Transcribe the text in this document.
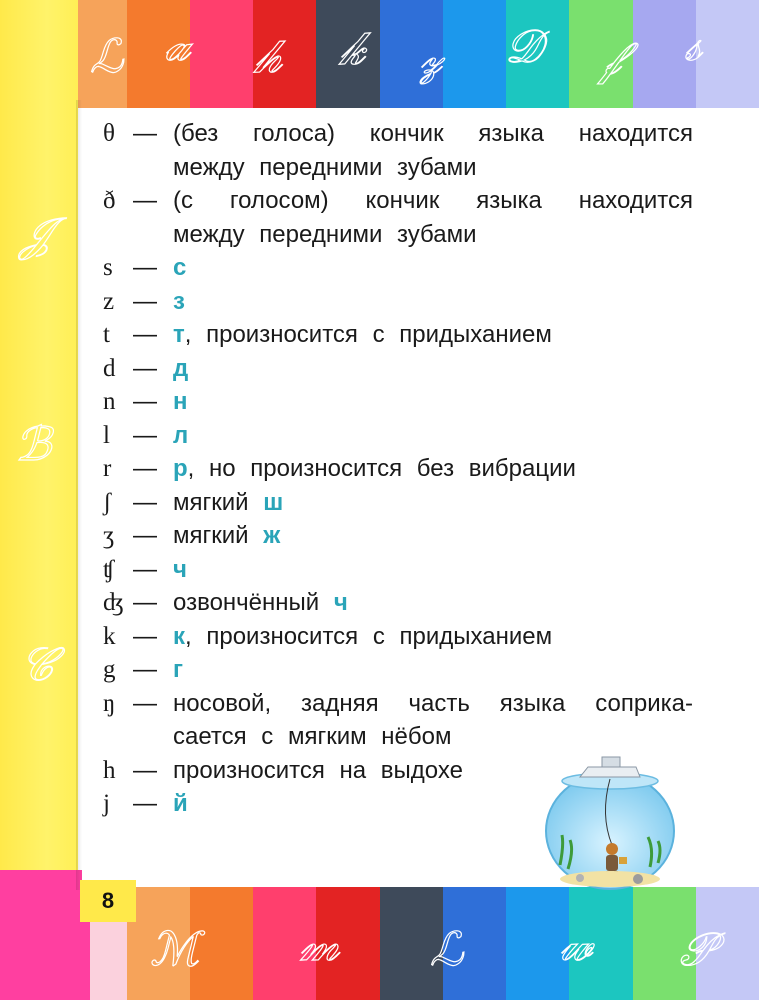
ℒ 𝒶 𝒽 𝓀 𝓏 𝒟 𝒻	𝓈
𝒥
ℬ
𝒞
ℳ 𝓂 ℒ 𝓌 𝒫
8
θ — (без голоса) кончик языка находится
между передними зубами
ð — (с голосом) кончик языка находится
между передними зубами
s — с
z — з
t — т, произносится с придыханием
d — д
n — н
l — л
r — р, но произносится без вибрации
ʃ — мягкий ш
ʒ — мягкий ж
ʧ — ч
ʤ — озвончённый ч
k — к, произносится с придыханием
g — г
ŋ — носовой, задняя часть языка соприка-
сается с мягким нёбом
h — произносится на выдохе
j — й
